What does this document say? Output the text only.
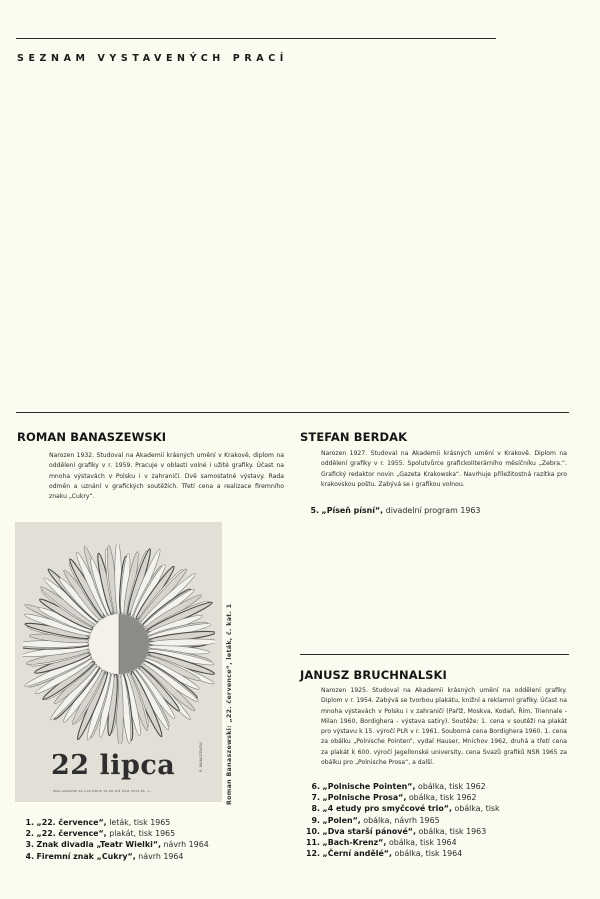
SEZNAM VYSTAVENÝCH PRACÍ
ROMAN BANASZEWSKI
Narozen 1932. Studoval na Akademii krásných umění v Krakově, diplom na oddělení grafiky v r. 1959. Pracuje v oblasti volné i užité grafiky. Účast na mnoha výstavách v Polsku i v zahraničí. Dvě samostatné výstavy. Rada odměn a uznání v grafických soutěžích. Třetí cena a realizace firemního znaku „Cukry“.
22 lipca
WAG KRAKÓW ZA KLR DRUK 42-66 R-8 ZAM 3334 ZŁ. 1,-
R. BANASZEWSKI	Roman Banaszewski: „22. července“, leták, č. kat. 1
1. „22. července“, leták, tisk 1965
2. „22. července“, plakát, tisk 1965
3. Znak divadla „Teatr Wielki“, návrh 1964
4. Firemní znak „Cukry“, návrh 1964
STEFAN BERDAK
Narozen 1927. Studoval na Akademii krásných umění v Krakově. Diplom na oddělení grafiky v r. 1955. Spolutvůrce grafickoliterárního měsíčníku „Zebra.“. Grafický redaktor novin „Gazeta Krakowska“. Navrhuje příležitostná razítka pro krakovskou poštu. Zabývá se i grafikou volnou.
5. „Píseň písní“, divadelní program 1963
JANUSZ BRUCHNALSKI
Narozen 1925. Studoval na Akademii krásných umění na oddělení grafiky. Diplom v r. 1954. Zabývá se tvorbou plakátu, knižní a reklamní grafiky. Účast na mnoha výstavách v Polsku i v zahraničí (Paříž, Moskva, Kodaň, Řím, Triennale - Milan 1960, Bordighera - výstava satiry). Soutěže: 1. cena v soutěži na plakát pro výstavu k 15. výročí PLR v r. 1961. Souborná cena Bordighera 1960. 1. cena za obálku „Polnische Pointen“, vydal Hauser, Mnichov 1962, druhá a třetí cena za plakát k 600. výročí Jagellonské university, cena Svazů grafiků NSR 1965 za obálku pro „Polnische Prosa“, a další.
6. „Polnische Pointen“, obálka, tisk 1962
7. „Polnische Prosa“, obálka, tisk 1962
8. „4 etudy pro smyčcové trio“, obálka, tisk
9. „Polen“, obálka, návrh 1965
10. „Dva starší pánové“, obálka, tisk 1963
11. „Bach-Krenz“, obálka, tisk 1964
12. „Černí andělé“, obálka, tisk 1964
